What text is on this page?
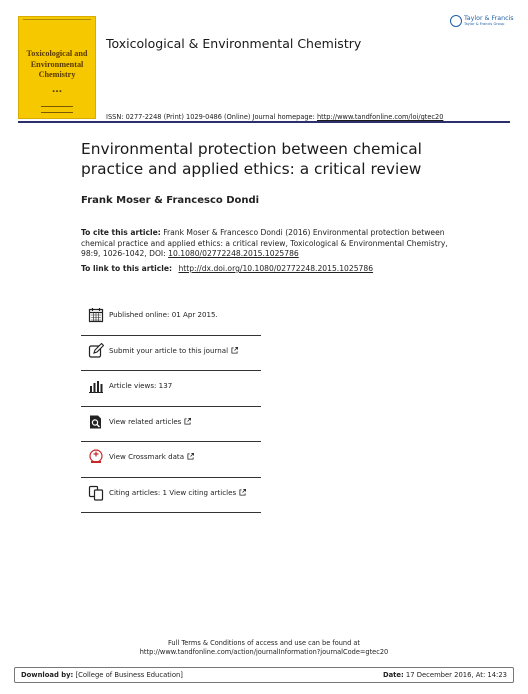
Toxicological and Environmental Chemistry
▪ ▪ ▪
Toxicological & Environmental Chemistry
Taylor & Francis
Taylor & Francis Group
ISSN: 0277-2248 (Print) 1029-0486 (Online) Journal homepage: http://www.tandfonline.com/loi/gtec20
Environmental protection between chemical practice and applied ethics: a critical review
Frank Moser & Francesco Dondi
To cite this article: Frank Moser & Francesco Dondi (2016) Environmental protection between chemical practice and applied ethics: a critical review, Toxicological & Environmental Chemistry, 98:9, 1026-1042, DOI: 10.1080/02772248.2015.1025786
To link to this article: http://dx.doi.org/10.1080/02772248.2015.1025786
Published online: 01 Apr 2015.
Submit your article to this journal
Article views: 137
View related articles
View Crossmark data
Citing articles: 1 View citing articles
Full Terms & Conditions of access and use can be found at
http://www.tandfonline.com/action/journalInformation?journalCode=gtec20
Download by: [College of Business Education]	Date: 17 December 2016, At: 14:23
